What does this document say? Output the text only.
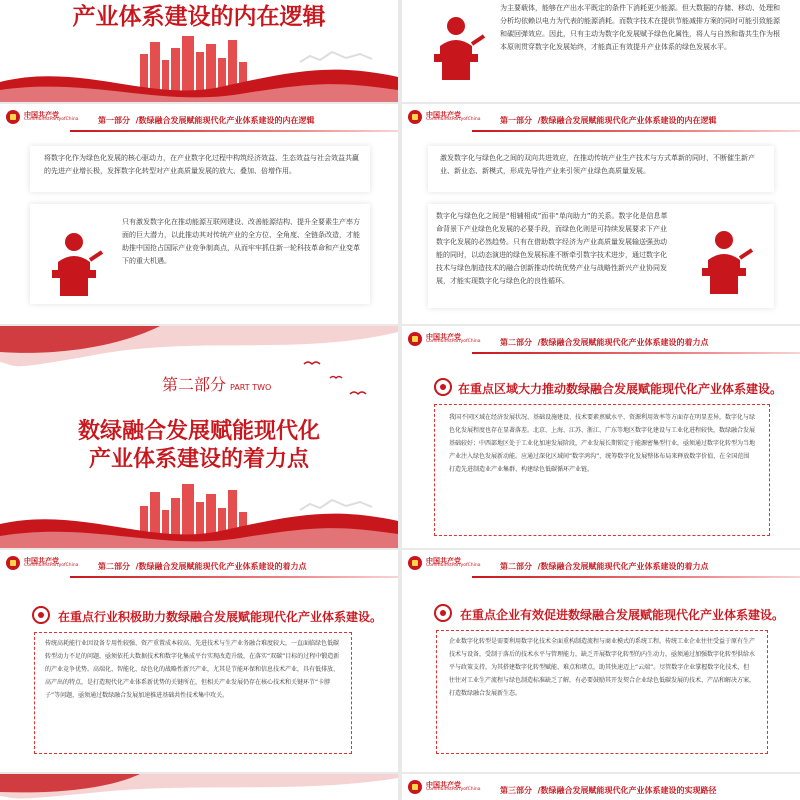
产业体系建设的内在逻辑	为主要载体，能够在产出水平既定的条件下消耗更少能源。但大数据的存储、移动、处理和分析均依赖以电力为代表的能源消耗。而数字技术在提供节能减排方案的同时可能引致能源和碳回弹效应。因此，只有主动为数字化发展赋予绿色化属性，将人与自然和谐共生作为根本原则贯穿数字化发展始终，才能真正有效提升产业体系的绿色发展水平。
中国共产党
CommunistPartyofChina 第一部分 /数绿融合发展赋能现代化产业体系建设的内在逻辑
将数字化作为绿色化发展的核心驱动力，在产业数字化过程中构筑经济效益、生态效益与社会效益共赢的先进产业增长极，发挥数字化转型对产业高质量发展的放大、叠加、倍增作用。
只有激发数字化在推动能源互联网建设、改善能源结构、提升全要素生产率方面的巨大潜力，以此推动其对传统产业的全方位、全角度、全链条改造，才能助推中国抢占国际产业竞争制高点，从而牢牢抓住新一轮科技革命和产业变革下的重大机遇。
中国共产党
CommunistPartyofChina 第一部分 /数绿融合发展赋能现代化产业体系建设的内在逻辑
激发数字化与绿色化之间的双向共进效应，在推动传统产业生产技术与方式革新的同时，不断催生新产业、新业态、新模式，形成先导性产业来引领产业绿色高质量发展。
数字化与绿色化之间是“相辅相成”而非“单向助力”的关系。数字化是信息革命背景下产业绿色化发展的必要手段，而绿色化则是可持续发展要求下产业数字化发展的必然趋势。只有在借助数字经济为产业高质量发展输送强劲动能的同时，以动态演进的绿色发展标准不断牵引数字技术进步，通过数字化技术与绿色制造技术的融合创新推动传统优势产业与战略性新兴产业协同发展，才能实现数字化与绿色化的良性循环。
第二部分 PART TWO
数绿融合发展赋能现代化
产业体系建设的着力点
中国共产党
CommunistPartyofChina 第二部分 /数绿融合发展赋能现代化产业体系建设的着力点
在重点区域大力推动数绿融合发展赋能现代化产业体系建设。
我国不同区域在经济发展状况、基础设施建设、技术要素禀赋水平、资源利用效率等方面存在明显差异，数字化与绿色化发展程度也存在显著落差。北京、上海、江苏、浙江、广东等地区数字化建设与工业化进程较快，数绿融合发展基础较好；中西部地区处于工业化加速发展阶段，产业发展长期锁定于能源密集型行业，亟须通过数字化转型为当地产业注入绿色发展新动能。应通过深化区域间“数字鸿沟”、统筹数字化发展整体布局来释放数字价值，在全国范围打造先进制造业产业集群、构建绿色低碳循环产业链。
中国共产党
CommunistPartyofChina 第二部分 /数绿融合发展赋能现代化产业体系建设的着力点
在重点行业积极助力数绿融合发展赋能现代化产业体系建设。
传统高耗能行业因设备专用性较强、资产重置成本较高、先进技术与生产业务融合难度较大，一直面临绿色低碳转型动力不足的问题，亟须依托大数据技术和数字化集成平台实现改造升级，在落实“双碳”目标的过程中锻造新的产业竞争优势。高端化、智能化、绿色化的战略性新兴产业，尤其是节能环保和信息技术产业，具有低排放、高产出的特点，是打造现代化产业体系新优势的关键所在，但相关产业发展仍存在核心技术和关键环节“卡脖子”等问题，亟须通过数绿融合发展加速推进基础共性技术集中攻关。
中国共产党
CommunistPartyofChina 第二部分 /数绿融合发展赋能现代化产业体系建设的着力点
在重点企业有效促进数绿融合发展赋能现代化产业体系建设。
企业数字化转型是需要利用数字化技术全面重构制造流程与商业模式的系统工程。传统工业企业往往受益于原有生产技术与设备，受制于落后的技术水平与管理能力，缺乏开展数字化转型的内生动力，亟须通过加强数字化转型供给水平与政策支持，为其搭建数字化转型赋能、难点和堵点，助其快速迈上“云端”。尽管数字企业掌握数字化技术，但往往对工业生产流程与绿色制造标准缺乏了解，有必要鼓励其开发契合企业绿色低碳发展的技术、产品和解决方案，打造数绿融合发展新生态。
中国共产党
CommunistPartyofChina 第三部分 /数绿融合发展赋能现代化产业体系建设的实现路径
